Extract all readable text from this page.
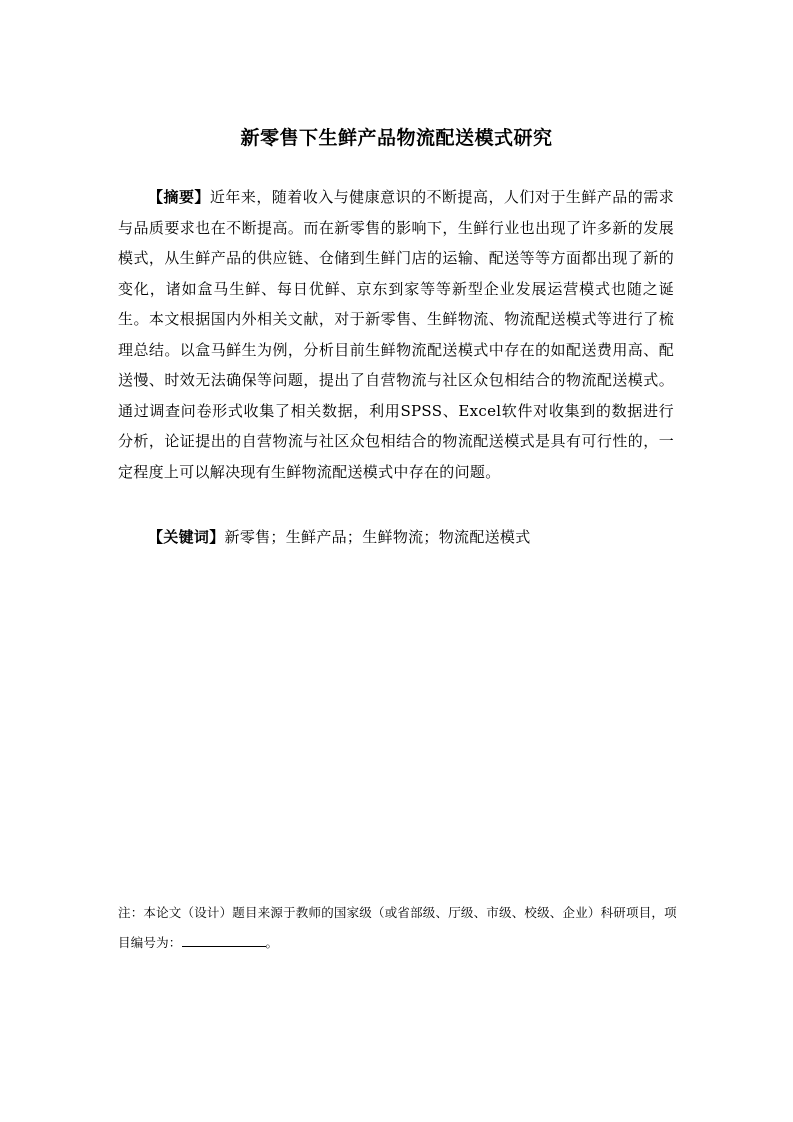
新零售下生鲜产品物流配送模式研究
【摘要】近年来，随着收入与健康意识的不断提高，人们对于生鲜产品的需求与品质要求也在不断提高。而在新零售的影响下，生鲜行业也出现了许多新的发展模式，从生鲜产品的供应链、仓储到生鲜门店的运输、配送等等方面都出现了新的变化，诸如盒马生鲜、每日优鲜、京东到家等等新型企业发展运营模式也随之诞生。本文根据国内外相关文献，对于新零售、生鲜物流、物流配送模式等进行了梳理总结。以盒马鲜生为例，分析目前生鲜物流配送模式中存在的如配送费用高、配送慢、时效无法确保等问题，提出了自营物流与社区众包相结合的物流配送模式。通过调查问卷形式收集了相关数据，利用SPSS、Excel软件对收集到的数据进行分析，论证提出的自营物流与社区众包相结合的物流配送模式是具有可行性的，一定程度上可以解决现有生鲜物流配送模式中存在的问题。
【关键词】新零售；生鲜产品；生鲜物流；物流配送模式
注：本论文（设计）题目来源于教师的国家级（或省部级、厅级、市级、校级、企业）科研项目，项目编号为：	。
